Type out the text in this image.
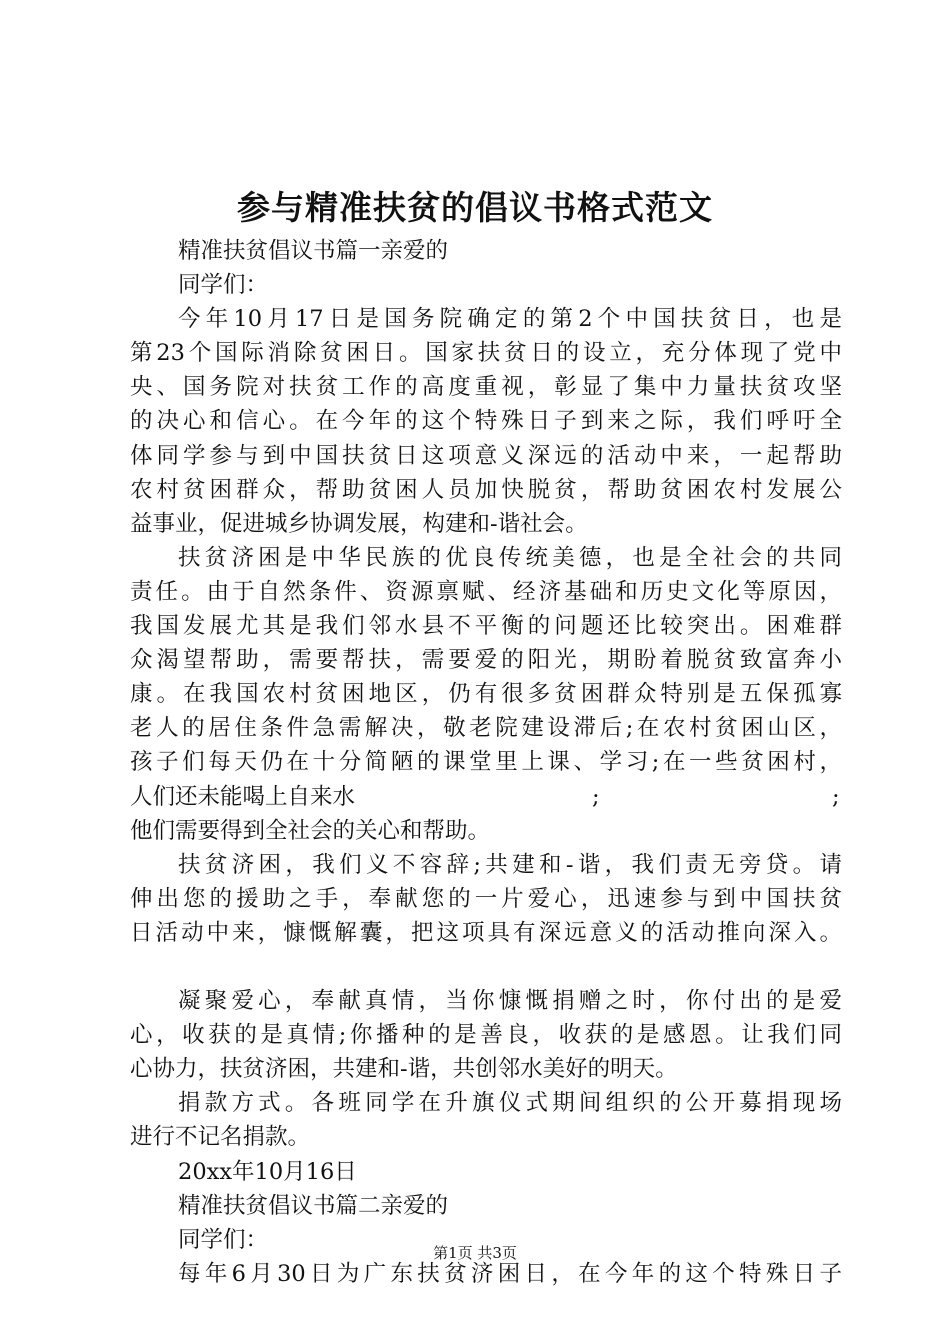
参与精准扶贫的倡议书格式范文
精准扶贫倡议书篇一亲爱的
同学们：
今年10月17日是国务院确定的第2个中国扶贫日，也是
第23个国际消除贫困日。国家扶贫日的设立，充分体现了党中
央、国务院对扶贫工作的高度重视，彰显了集中力量扶贫攻坚
的决心和信心。在今年的这个特殊日子到来之际，我们呼吁全
体同学参与到中国扶贫日这项意义深远的活动中来，一起帮助
农村贫困群众，帮助贫困人员加快脱贫，帮助贫困农村发展公
益事业，促进城乡协调发展，构建和-谐社会。
扶贫济困是中华民族的优良传统美德，也是全社会的共同
责任。由于自然条件、资源禀赋、经济基础和历史文化等原因，
我国发展尤其是我们邻水县不平衡的问题还比较突出。困难群
众渴望帮助，需要帮扶，需要爱的阳光，期盼着脱贫致富奔小
康。在我国农村贫困地区，仍有很多贫困群众特别是五保孤寡
老人的居住条件急需解决，敬老院建设滞后;在农村贫困山区，
孩子们每天仍在十分简陋的课堂里上课、学习;在一些贫困村，
人们还未能喝上自来水	;	;
他们需要得到全社会的关心和帮助。
扶贫济困，我们义不容辞;共建和-谐，我们责无旁贷。请
伸出您的援助之手，奉献您的一片爱心，迅速参与到中国扶贫
日活动中来，慷慨解囊，把这项具有深远意义的活动推向深入。
凝聚爱心，奉献真情，当你慷慨捐赠之时，你付出的是爱
心，收获的是真情;你播种的是善良，收获的是感恩。让我们同
心协力，扶贫济困，共建和-谐，共创邻水美好的明天。
捐款方式。各班同学在升旗仪式期间组织的公开募捐现场
进行不记名捐款。
20xx年10月16日
精准扶贫倡议书篇二亲爱的
同学们：
每年6月30日为广东扶贫济困日，在今年的这个特殊日子
第1页 共3页
